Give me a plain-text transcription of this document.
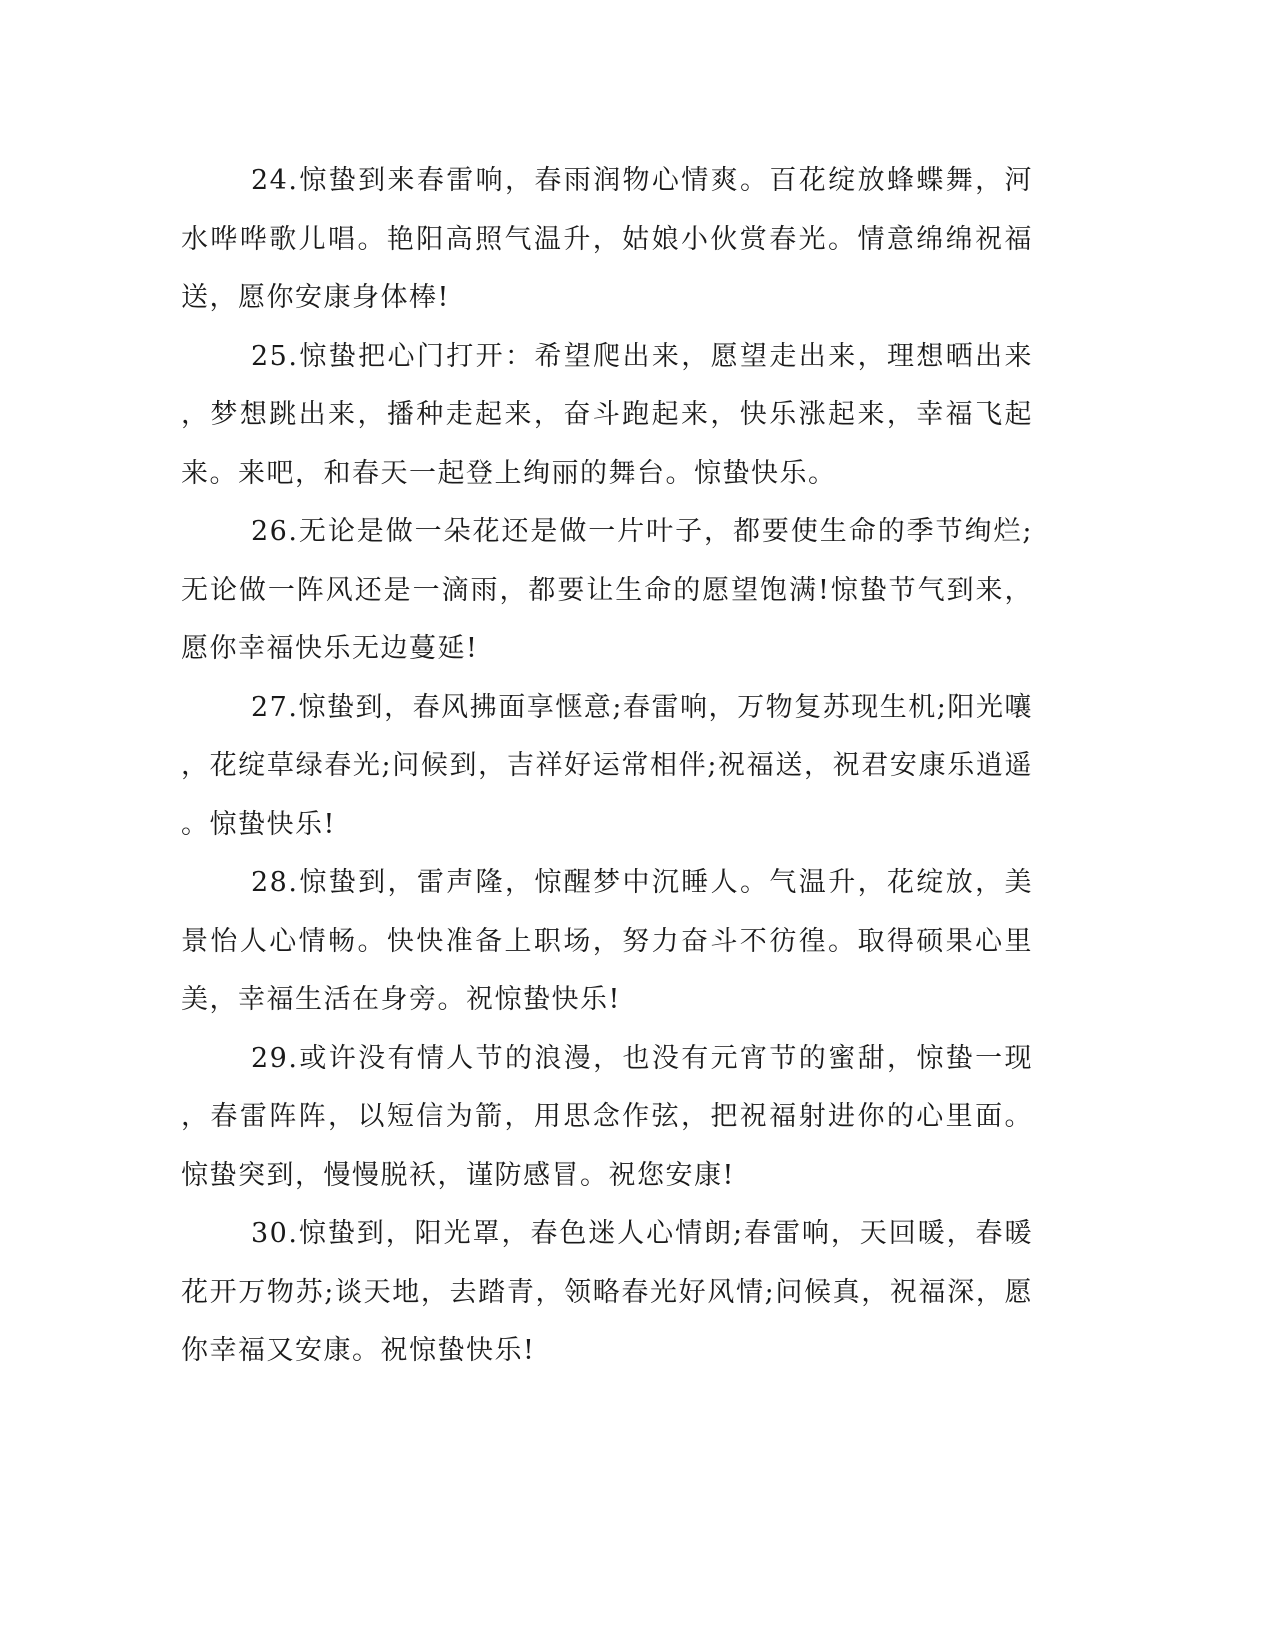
24.惊蛰到来春雷响，春雨润物心情爽。百花绽放蜂蝶舞，河水哗哗歌儿唱。艳阳高照气温升，姑娘小伙赏春光。情意绵绵祝福送，愿你安康身体棒!

25.惊蛰把心门打开：希望爬出来，愿望走出来，理想晒出来，梦想跳出来，播种走起来，奋斗跑起来，快乐涨起来，幸福飞起来。来吧，和春天一起登上绚丽的舞台。惊蛰快乐。

26.无论是做一朵花还是做一片叶子，都要使生命的季节绚烂;无论做一阵风还是一滴雨，都要让生命的愿望饱满!惊蛰节气到来，愿你幸福快乐无边蔓延!

27.惊蛰到，春风拂面享惬意;春雷响，万物复苏现生机;阳光嚷，花绽草绿春光;问候到，吉祥好运常相伴;祝福送，祝君安康乐逍遥。惊蛰快乐!

28.惊蛰到，雷声隆，惊醒梦中沉睡人。气温升，花绽放，美景怡人心情畅。快快准备上职场，努力奋斗不彷徨。取得硕果心里美，幸福生活在身旁。祝惊蛰快乐!

29.或许没有情人节的浪漫，也没有元宵节的蜜甜，惊蛰一现，春雷阵阵，以短信为箭，用思念作弦，把祝福射进你的心里面。惊蛰突到，慢慢脱袄，谨防感冒。祝您安康!

30.惊蛰到，阳光罩，春色迷人心情朗;春雷响，天回暖，春暖花开万物苏;谈天地，去踏青，领略春光好风情;问候真，祝福深，愿你幸福又安康。祝惊蛰快乐!
